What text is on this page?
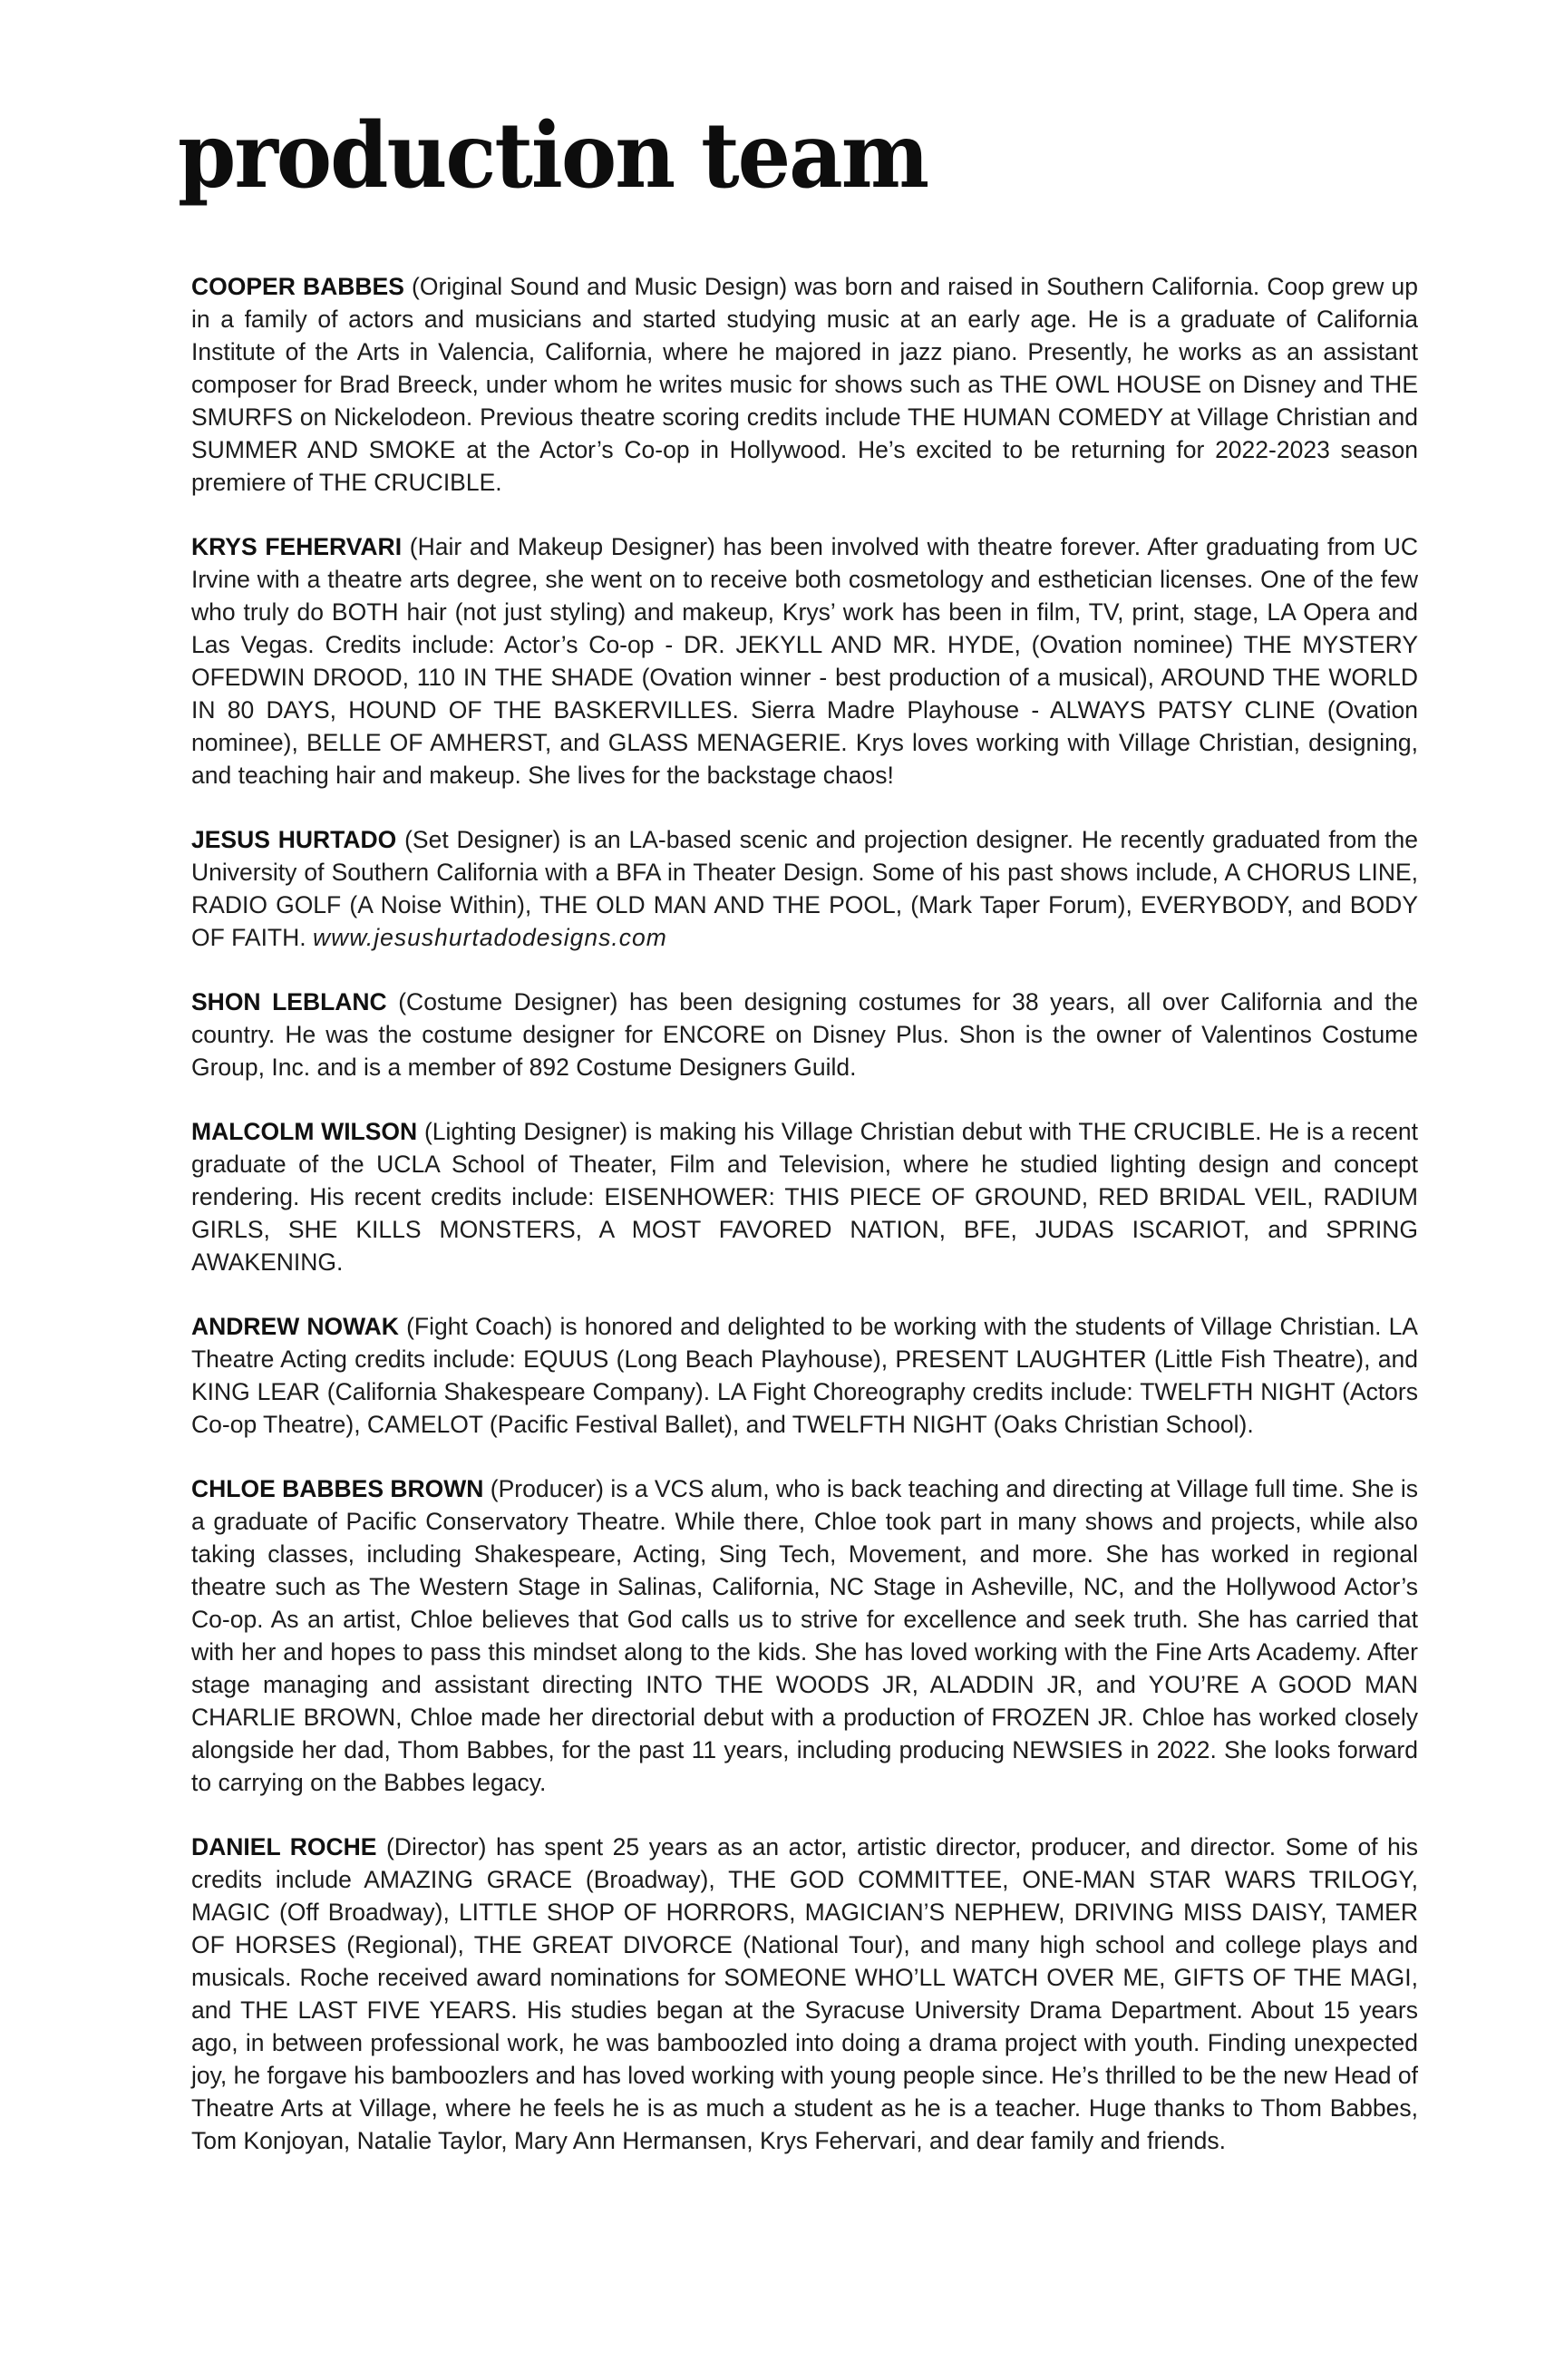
production team

COOPER BABBES (Original Sound and Music Design) was born and raised in Southern California. Coop grew up in a family of actors and musicians and started studying music at an early age. He is a graduate of California Institute of the Arts in Valencia, California, where he majored in jazz piano. Presently, he works as an assistant composer for Brad Breeck, under whom he writes music for shows such as THE OWL HOUSE on Disney and THE SMURFS on Nickelodeon. Previous theatre scoring credits include THE HUMAN COMEDY at Village Christian and SUMMER AND SMOKE at the Actor’s Co-op in Hollywood. He’s excited to be returning for 2022-2023 season premiere of THE CRUCIBLE.

KRYS FEHERVARI (Hair and Makeup Designer) has been involved with theatre forever. After graduating from UC Irvine with a theatre arts degree, she went on to receive both cosmetology and esthetician licenses. One of the few who truly do BOTH hair (not just styling) and makeup, Krys’ work has been in film, TV, print, stage, LA Opera and Las Vegas. Credits include: Actor’s Co-op - DR. JEKYLL AND MR. HYDE, (Ovation nominee) THE MYSTERY OFEDWIN DROOD, 110 IN THE SHADE (Ovation winner - best production of a musical), AROUND THE WORLD IN 80 DAYS, HOUND OF THE BASKERVILLES. Sierra Madre Playhouse - ALWAYS PATSY CLINE (Ovation nominee), BELLE OF AMHERST, and GLASS MENAGERIE. Krys loves working with Village Christian, designing, and teaching hair and makeup. She lives for the backstage chaos!

JESUS HURTADO (Set Designer) is an LA-based scenic and projection designer. He recently graduated from the University of Southern California with a BFA in Theater Design. Some of his past shows include, A CHORUS LINE, RADIO GOLF (A Noise Within), THE OLD MAN AND THE POOL, (Mark Taper Forum), EVERYBODY, and BODY OF FAITH. www.jesushurtadodesigns.com

SHON LEBLANC (Costume Designer) has been designing costumes for 38 years, all over California and the country. He was the costume designer for ENCORE on Disney Plus. Shon is the owner of Valentinos Costume Group, Inc. and is a member of 892 Costume Designers Guild.

MALCOLM WILSON (Lighting Designer) is making his Village Christian debut with THE CRUCIBLE. He is a recent graduate of the UCLA School of Theater, Film and Television, where he studied lighting design and concept rendering. His recent credits include: EISENHOWER: THIS PIECE OF GROUND, RED BRIDAL VEIL, RADIUM GIRLS, SHE KILLS MONSTERS, A MOST FAVORED NATION, BFE, JUDAS ISCARIOT, and SPRING AWAKENING.

ANDREW NOWAK (Fight Coach) is honored and delighted to be working with the students of Village Christian. LA Theatre Acting credits include: EQUUS (Long Beach Playhouse), PRESENT LAUGHTER (Little Fish Theatre), and KING LEAR (California Shakespeare Company). LA Fight Choreography credits include: TWELFTH NIGHT (Actors Co-op Theatre), CAMELOT (Pacific Festival Ballet), and TWELFTH NIGHT (Oaks Christian School).

CHLOE BABBES BROWN (Producer) is a VCS alum, who is back teaching and directing at Village full time. She is a graduate of Pacific Conservatory Theatre. While there, Chloe took part in many shows and projects, while also taking classes, including Shakespeare, Acting, Sing Tech, Movement, and more. She has worked in regional theatre such as The Western Stage in Salinas, California, NC Stage in Asheville, NC, and the Hollywood Actor’s Co-op. As an artist, Chloe believes that God calls us to strive for excellence and seek truth. She has carried that with her and hopes to pass this mindset along to the kids. She has loved working with the Fine Arts Academy. After stage managing and assistant directing INTO THE WOODS JR, ALADDIN JR, and YOU’RE A GOOD MAN CHARLIE BROWN, Chloe made her directorial debut with a production of FROZEN JR. Chloe has worked closely alongside her dad, Thom Babbes, for the past 11 years, including producing NEWSIES in 2022. She looks forward to carrying on the Babbes legacy.

DANIEL ROCHE (Director) has spent 25 years as an actor, artistic director, producer, and director. Some of his credits include AMAZING GRACE (Broadway), THE GOD COMMITTEE, ONE-MAN STAR WARS TRILOGY, MAGIC (Off Broadway), LITTLE SHOP OF HORRORS, MAGICIAN’S NEPHEW, DRIVING MISS DAISY, TAMER OF HORSES (Regional), THE GREAT DIVORCE (National Tour), and many high school and college plays and musicals. Roche received award nominations for SOMEONE WHO’LL WATCH OVER ME, GIFTS OF THE MAGI, and THE LAST FIVE YEARS. His studies began at the Syracuse University Drama Department. About 15 years ago, in between professional work, he was bamboozled into doing a drama project with youth. Finding unexpected joy, he forgave his bamboozlers and has loved working with young people since. He’s thrilled to be the new Head of Theatre Arts at Village, where he feels he is as much a student as he is a teacher. Huge thanks to Thom Babbes, Tom Konjoyan, Natalie Taylor, Mary Ann Hermansen, Krys Fehervari, and dear family and friends.
